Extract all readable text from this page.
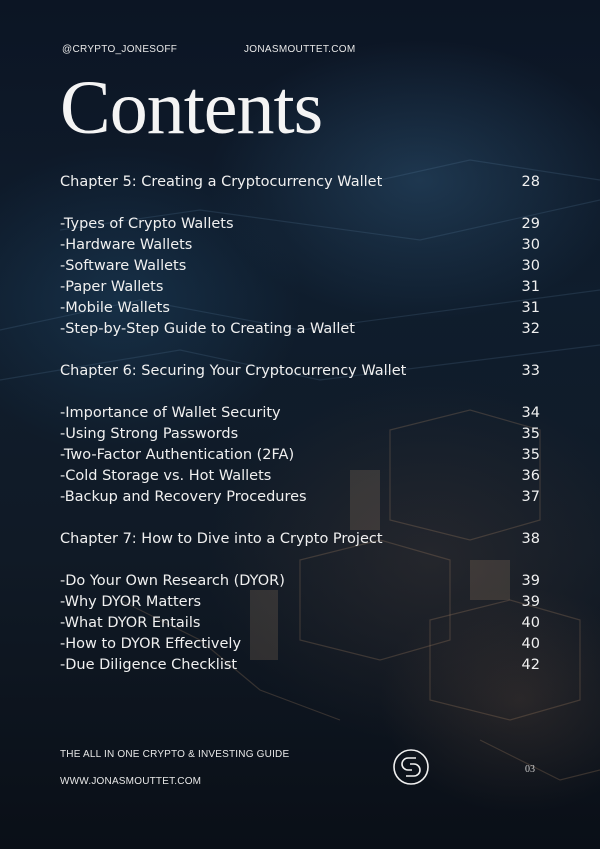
@CRYPTO_JONESOFF	JONASMOUTTET.COM
Contents
Chapter 5: Creating a Cryptocurrency Wallet	28
-Types of Crypto Wallets	29
-Hardware Wallets	30
-Software Wallets	30
-Paper Wallets	31
-Mobile Wallets	31
-Step-by-Step Guide to Creating a Wallet	32
Chapter 6: Securing Your Cryptocurrency Wallet	33
-Importance of Wallet Security	34
-Using Strong Passwords	35
-Two-Factor Authentication (2FA)	35
-Cold Storage vs. Hot Wallets	36
-Backup and Recovery Procedures	37
Chapter 7: How to Dive into a Crypto Project	38
-Do Your Own Research (DYOR)	39
-Why DYOR Matters	39
-What DYOR Entails	40
-How to DYOR Effectively	40
-Due Diligence Checklist	42
THE ALL IN ONE CRYPTO & INVESTING GUIDE
WWW.JONASMOUTTET.COM
03
